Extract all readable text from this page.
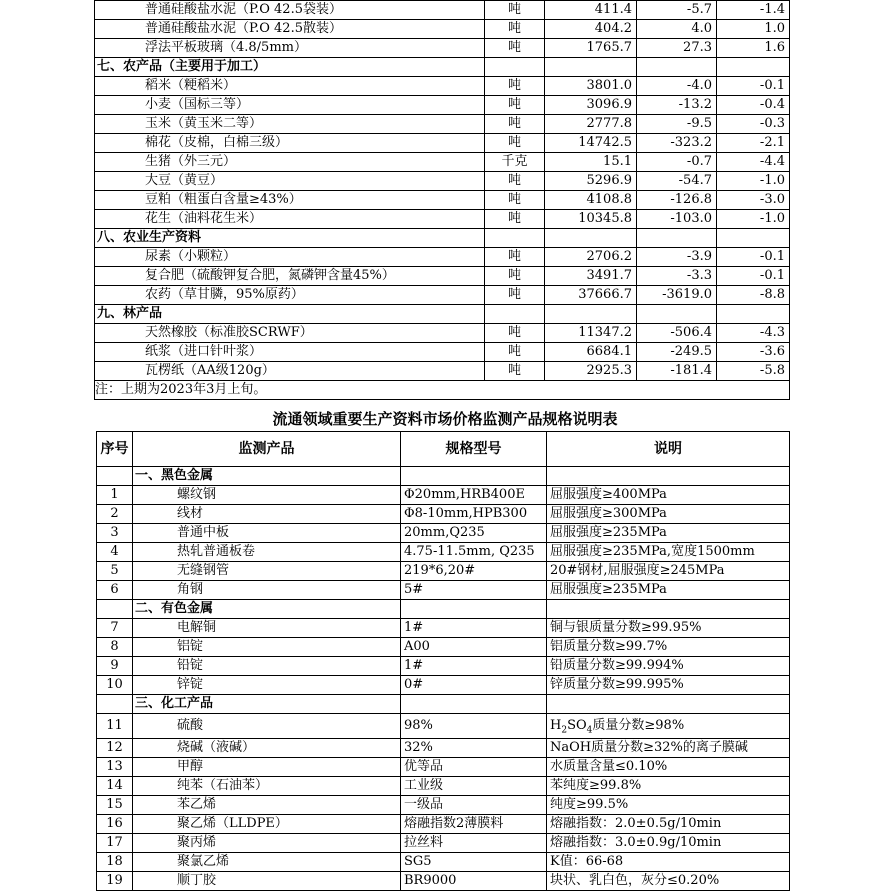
普通硅酸盐水泥（P.O 42.5袋装）	吨	411.4	-5.7	-1.4
普通硅酸盐水泥（P.O 42.5散装）	吨	404.2	4.0	1.0
浮法平板玻璃（4.8/5mm）	吨	1765.7	27.3	1.6
七、农产品（主要用于加工）				
稻米（粳稻米）	吨	3801.0	-4.0	-0.1
小麦（国标三等）	吨	3096.9	-13.2	-0.4
玉米（黄玉米二等）	吨	2777.8	-9.5	-0.3
棉花（皮棉，白棉三级）	吨	14742.5	-323.2	-2.1
生猪（外三元）	千克	15.1	-0.7	-4.4
大豆（黄豆）	吨	5296.9	-54.7	-1.0
豆粕（粗蛋白含量≥43%）	吨	4108.8	-126.8	-3.0
花生（油料花生米）	吨	10345.8	-103.0	-1.0
八、农业生产资料				
尿素（小颗粒）	吨	2706.2	-3.9	-0.1
复合肥（硫酸钾复合肥，氮磷钾含量45%）	吨	3491.7	-3.3	-0.1
农药（草甘膦，95%原药）	吨	37666.7	-3619.0	-8.8
九、林产品				
天然橡胶（标准胶SCRWF）	吨	11347.2	-506.4	-4.3
纸浆（进口针叶浆）	吨	6684.1	-249.5	-3.6
瓦楞纸（AA级120g）	吨	2925.3	-181.4	-5.8
注：上期为2023年3月上旬。				
流通领域重要生产资料市场价格监测产品规格说明表
序号	监测产品	规格型号	说明
	一、黑色金属		
1	螺纹钢	Φ20mm,HRB400E	屈服强度≥400MPa
2	线材	Φ8-10mm,HPB300	屈服强度≥300MPa
3	普通中板	20mm,Q235	屈服强度≥235MPa
4	热轧普通板卷	4.75-11.5mm, Q235	屈服强度≥235MPa,宽度1500mm
5	无缝钢管	219*6,20#	20#钢材,屈服强度≥245MPa
6	角钢	5#	屈服强度≥235MPa
	二、有色金属		
7	电解铜	1#	铜与银质量分数≥99.95%
8	铝锭	A00	铝质量分数≥99.7%
9	铅锭	1#	铅质量分数≥99.994%
10	锌锭	0#	锌质量分数≥99.995%
	三、化工产品		
11	硫酸	98%	$H_2SO_4$质量分数≥98%
12	烧碱（液碱）	32%	NaOH质量分数≥32%的离子膜碱
13	甲醇	优等品	水质量含量≤0.10%
14	纯苯（石油苯）	工业级	苯纯度≥99.8%
15	苯乙烯	一级品	纯度≥99.5%
16	聚乙烯（LLDPE）	熔融指数2薄膜料	熔融指数：2.0±0.5g/10min
17	聚丙烯	拉丝料	熔融指数：3.0±0.9g/10min
18	聚氯乙烯	SG5	K值：66-68
19	顺丁胶	BR9000	块状、乳白色，灰分≤0.20%
